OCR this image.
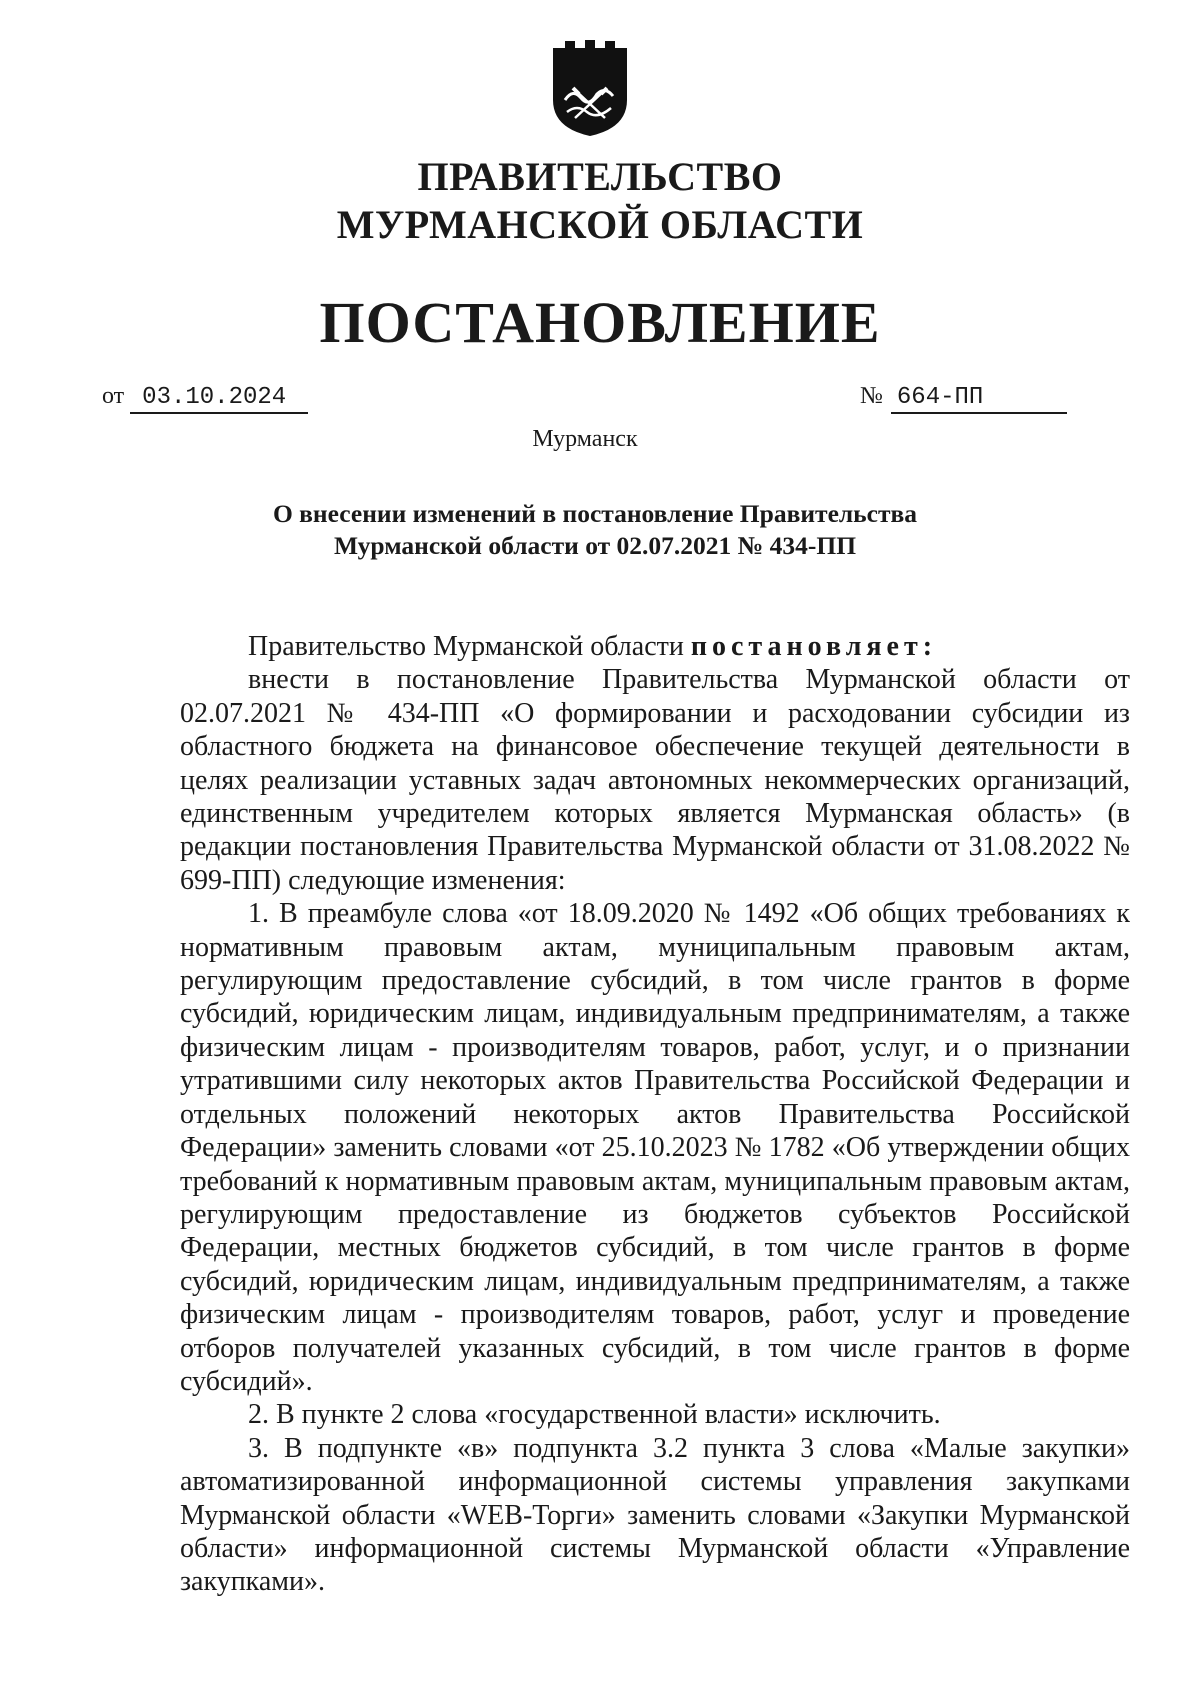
ПРАВИТЕЛЬСТВО
МУРМАНСКОЙ ОБЛАСТИ
ПОСТАНОВЛЕНИЕ
от 03.10.2024	№ 664-ПП
Мурманск
О внесении изменений в постановление Правительства
Мурманской области от 02.07.2021 № 434-ПП

Правительство Мурманской области постановляет:

внести в постановление Правительства Мурманской области от 02.07.2021 № 434-ПП «О формировании и расходовании субсидии из областного бюджета на финансовое обеспечение текущей деятельности в целях реализации уставных задач автономных некоммерческих организаций, единственным учредителем которых является Мурманская область» (в редакции постановления Правительства Мурманской области от 31.08.2022 № 699-ПП) следующие изменения:

1. В преамбуле слова «от 18.09.2020 № 1492 «Об общих требованиях к нормативным правовым актам, муниципальным правовым актам, регулирующим предоставление субсидий, в том числе грантов в форме субсидий, юридическим лицам, индивидуальным предпринимателям, а также физическим лицам - производителям товаров, работ, услуг, и о признании утратившими силу некоторых актов Правительства Российской Федерации и отдельных положений некоторых актов Правительства Российской Федерации» заменить словами «от 25.10.2023 № 1782 «Об утверждении общих требований к нормативным правовым актам, муниципальным правовым актам, регулирующим предоставление из бюджетов субъектов Российской Федерации, местных бюджетов субсидий, в том числе грантов в форме субсидий, юридическим лицам, индивидуальным предпринимателям, а также физическим лицам - производителям товаров, работ, услуг и проведение отборов получателей указанных субсидий, в том числе грантов в форме субсидий».

2. В пункте 2 слова «государственной власти» исключить.

3. В подпункте «в» подпункта 3.2 пункта 3 слова «Малые закупки» автоматизированной информационной системы управления закупками Мурманской области «WEB-Торги» заменить словами «Закупки Мурманской области» информационной системы Мурманской области «Управление закупками».
